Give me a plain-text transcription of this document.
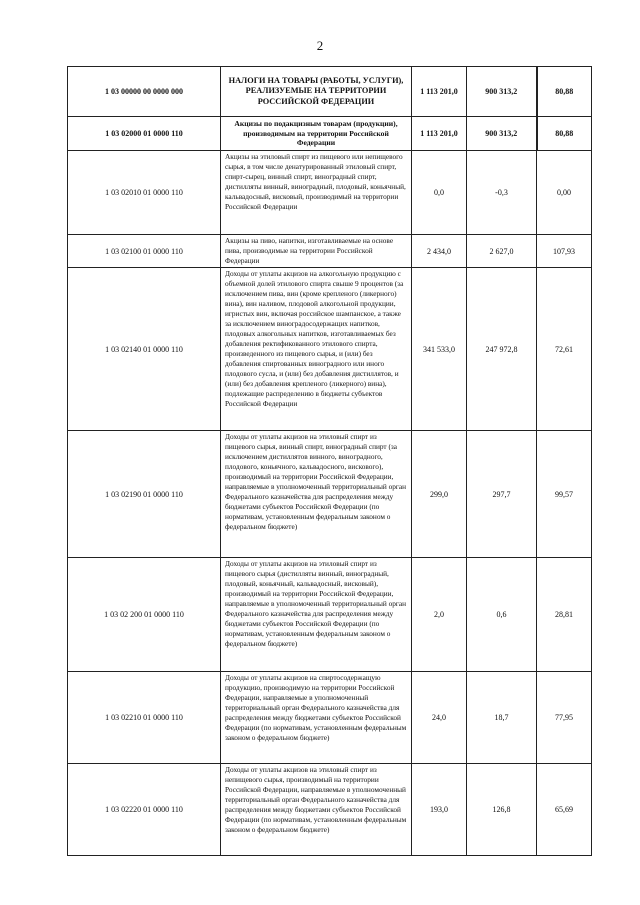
2
1 03 00000 00 0000 000	НАЛОГИ НА ТОВАРЫ (РАБОТЫ, УСЛУГИ), РЕАЛИЗУЕМЫЕ НА ТЕРРИТОРИИ РОССИЙСКОЙ ФЕДЕРАЦИИ	1 113 201,0	900 313,2	80,88
1 03 02000 01 0000 110	Акцизы по подакцизным товарам (продукции), производимым на территории Российской Федерации	1 113 201,0	900 313,2	80,88
1 03 02010 01 0000 110	Акцизы на этиловый спирт из пищевого или непищевого сырья, в том числе денатурированный этиловый спирт, спирт-сырец, винный спирт, виноградный спирт, дистилляты винный, виноградный, плодовый, коньячный, кальвадосный, висковый, производимый на территории Российской Федерации	0,0	-0,3	0,00
1 03 02100 01 0000 110	Акцизы на пиво, напитки, изготавливаемые на основе пива, производимые на территории Российской Федерации	2 434,0	2 627,0	107,93
1 03 02140 01 0000 110	Доходы от уплаты акцизов на алкогольную продукцию с объемной долей этилового спирта свыше 9 процентов (за исключением пива, вин (кроме крепленого (ликерного) вина), вин наливом, плодовой алкогольной продукции, игристых вин, включая российское шампанское, а также за исключением виноградосодержащих напитков, плодовых алкогольных напитков, изготавливаемых без добавления ректификованного этилового спирта, произведенного из пищевого сырья, и (или) без добавления спиртованных виноградного или иного плодового сусла, и (или) без добавления дистиллятов, и (или) без добавления крепленого (ликерного) вина), подлежащие распределению в бюджеты субъектов Российской Федерации	341 533,0	247 972,8	72,61
1 03 02190 01 0000 110	Доходы от уплаты акцизов на этиловый спирт из пищевого сырья, винный спирт, виноградный спирт (за исключением дистиллятов винного, виноградного, плодового, коньячного, кальвадосного, вискового), производимый на территории Российской Федерации, направляемые в уполномоченный территориальный орган Федерального казначейства для распределения между бюджетами субъектов Российской Федерации (по нормативам, установленным федеральным законом о федеральном бюджете)	299,0	297,7	99,57
1 03 02 200 01 0000 110	Доходы от уплаты акцизов на этиловый спирт из пищевого сырья (дистилляты винный, виноградный, плодовый, коньячный, кальвадосный, висковый), производимый на территории Российской Федерации, направляемые в уполномоченный территориальный орган Федерального казначейства для распределения между бюджетами субъектов Российской Федерации (по нормативам, установленным федеральным законом о федеральном бюджете)	2,0	0,6	28,81
1 03 02210 01 0000 110	Доходы от уплаты акцизов на спиртосодержащую продукцию, производимую на территории Российской Федерации, направляемые в уполномоченный территориальный орган Федерального казначейства для распределения между бюджетами субъектов Российской Федерации (по нормативам, установленным федеральным законом о федеральном бюджете)	24,0	18,7	77,95
1 03 02220 01 0000 110	Доходы от уплаты акцизов на этиловый спирт из непищевого сырья, производимый на территории Российской Федерации, направляемые в уполномоченный территориальный орган Федерального казначейства для распределения между бюджетами субъектов Российской Федерации (по нормативам, установленным федеральным законом о федеральном бюджете)	193,0	126,8	65,69
